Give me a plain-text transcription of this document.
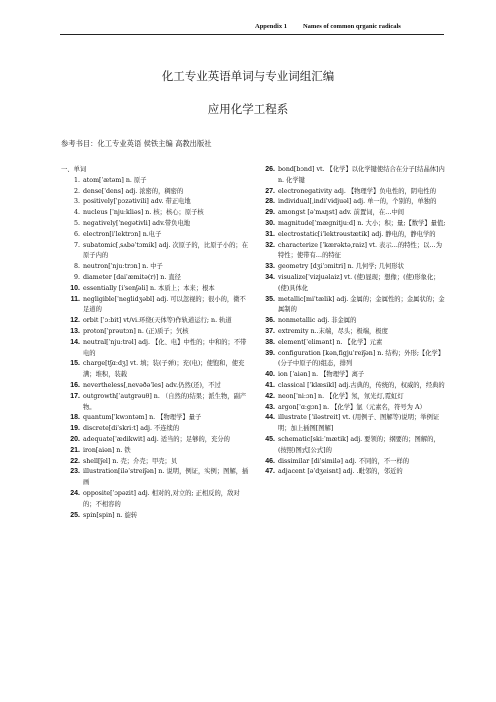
Appendix 1 Names of common qrganic radicals
化工专业英语单词与专业词组汇编
应用化学工程系
参考书目：化工专业英语 侯铁主编 高教出版社
一、单词
1. atom[ˈætəm] n. 原子
2. dense[ˈdens] adj. 浓密的，稠密的
3. positively[ˈpɔzətivili] adv. 带正电地
4. nucleus [ˈnjuːkliəs] n. 核；核心；原子核
5. negatively[ˈnegətivli] adv.带负电地
6. electron[iˈlektrɔn] n.电子
7. subatomic[ˌsʌbəˈtɔmik] adj. 次原子的，比原子小的；在原子内的
8. neutron[ˈnjuːtrɔn] n. 中子
9. diameter [daiˈæmitə(r)] n. 直径
10. essentially [iˈsenʃəli] n. 本质上；本来；根本
11. negligible[ˈneglidʒəbl] adj. 可以忽视的；很小的，微不足道的
12. orbit [ˈɔːbit] vt/vi.环绕(天体等)作轨道运行; n. 轨道
13. proton[ˈprəutɔn] n. (正)质子；氕核
14. neutral[ˈnjuːtrəl] adj. 【化、电】中性的；中和的；不带电的
15. charge[tʃɑːdʒ] vt. 填；装(子弹)；充(电)；使饱和，使充满；堆积，装载
16. nevertheless[ˌnevəðəˈles] adv.仍然(还)，不过
17. outgrowth[ˈautgrəuθ] n. （自然的)结果；派生物，副产物。
18. quantum[ˈkwɔntəm] n. 【物理学】量子
19. discrete[diˈskriːt] adj. 不连续的
20. adequate[ˈædikwit] adj. 适当的；足够的，充分的
21. iron[aiən] n. 铁
22. shell[ʃel] n. 壳；介壳；甲壳；贝
23. illustration[iləˈstreiʃən] n. 说明，例证，实例；图解，插画
24. opposite[ˈɔpəzit] adj. 相对的,对立的; 正相反的，敌对的；不相容的
25. spin[spin] n. 旋转
26. bond[bɔnd] vt. 【化学】以化学键使结合在分子[结晶体]内 n. 化学键
27. electronegativity adj. 【物理学】负电性的，阴电性的
28. individual[ˌindiˈvidjuəl] adj. 单一的，个别的，单独的
29. amongst [əˈmʌŋst] adv. 前置词，在…中间
30. magnitude[ˈmægnitjuːd] n. 大小；积；量;【数学】量值;
31. electrostatic[iˈlektrəustætik] adj. 静电的，静电学的
32. characterize [ˈkærəktəˌraiz] vt. 表示…的特性；以…为特性；使带有…的特征
33. geometry [dʒiˈɔmitri] n. 几何学; 几何形状
34. visualize[ˈvizjuəlaiz] vt. (使)显现；想像；(使)形象化；(使)具体化
35. metallic[miˈtælik] adj. 金属的；金属性的；金属状的；金属制的
36. nonmetallic adj. 非金属的
37. extremity n..末端，尽头；极端，极度
38. element[ˈelimənt] n. 【化学】元素
39. configuration [kənˌfigjuˈreiʃən] n. 结构；外形;【化学】(分子中原子的)组态，排列
40. ion [ˈaiən] n. 【物理学】离子
41. classical [ˈklæsikl] adj.古典的，传统的，权威的，经典的
42. neon[ˈniːɔn] n. 【化学】氖，氖光灯,霓虹灯
43. argon[ˈɑːgɔn] n. 【化学】氩（元素名，符号为 A）
44. illustrate [ˈiləstreit] vt. (用例子、图解等)说明；举例证明；加上插图[图解]
45. schematic[skiːˈmætik] adj. 要领的；纲要的；图解的，(按照)图式[公式]的
46. dissimilar [diˈsimilə] adj. 不同的，不一样的
47. adjacent [əˈdʒeisnt] adj. .毗邻的，邻近的
